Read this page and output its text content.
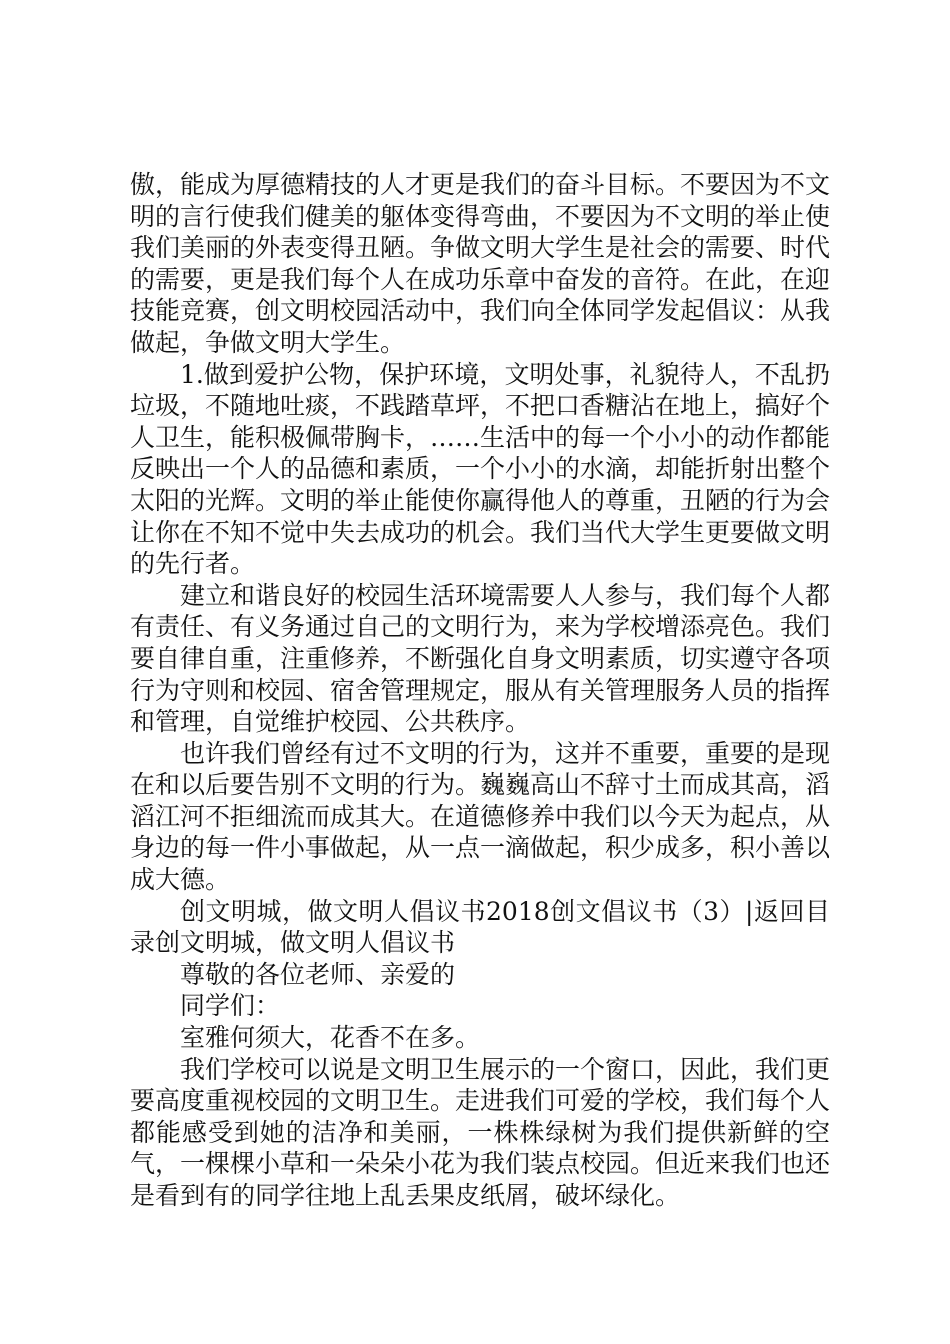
傲，能成为厚德精技的人才更是我们的奋斗目标。不要因为不文明的言行使我们健美的躯体变得弯曲，不要因为不文明的举止使我们美丽的外表变得丑陋。争做文明大学生是社会的需要、时代的需要，更是我们每个人在成功乐章中奋发的音符。在此，在迎技能竞赛，创文明校园活动中，我们向全体同学发起倡议：从我做起，争做文明大学生。

1.做到爱护公物，保护环境，文明处事，礼貌待人，不乱扔垃圾，不随地吐痰，不践踏草坪，不把口香糖沾在地上，搞好个人卫生，能积极佩带胸卡，……生活中的每一个小小的动作都能反映出一个人的品德和素质，一个小小的水滴，却能折射出整个太阳的光辉。文明的举止能使你赢得他人的尊重，丑陋的行为会让你在不知不觉中失去成功的机会。我们当代大学生更要做文明的先行者。

建立和谐良好的校园生活环境需要人人参与，我们每个人都有责任、有义务通过自己的文明行为，来为学校增添亮色。我们要自律自重，注重修养，不断强化自身文明素质，切实遵守各项行为守则和校园、宿舍管理规定，服从有关管理服务人员的指挥和管理，自觉维护校园、公共秩序。

也许我们曾经有过不文明的行为，这并不重要，重要的是现在和以后要告别不文明的行为。巍巍高山不辞寸土而成其高，滔滔江河不拒细流而成其大。在道德修养中我们以今天为起点，从身边的每一件小事做起，从一点一滴做起，积少成多，积小善以成大德。

创文明城，做文明人倡议书2018创文倡议书（3）|返回目录创文明城，做文明人倡议书

尊敬的各位老师、亲爱的

同学们：

室雅何须大，花香不在多。

我们学校可以说是文明卫生展示的一个窗口，因此，我们更要高度重视校园的文明卫生。走进我们可爱的学校，我们每个人都能感受到她的洁净和美丽，一株株绿树为我们提供新鲜的空气，一棵棵小草和一朵朵小花为我们装点校园。但近来我们也还是看到有的同学往地上乱丢果皮纸屑，破坏绿化。
